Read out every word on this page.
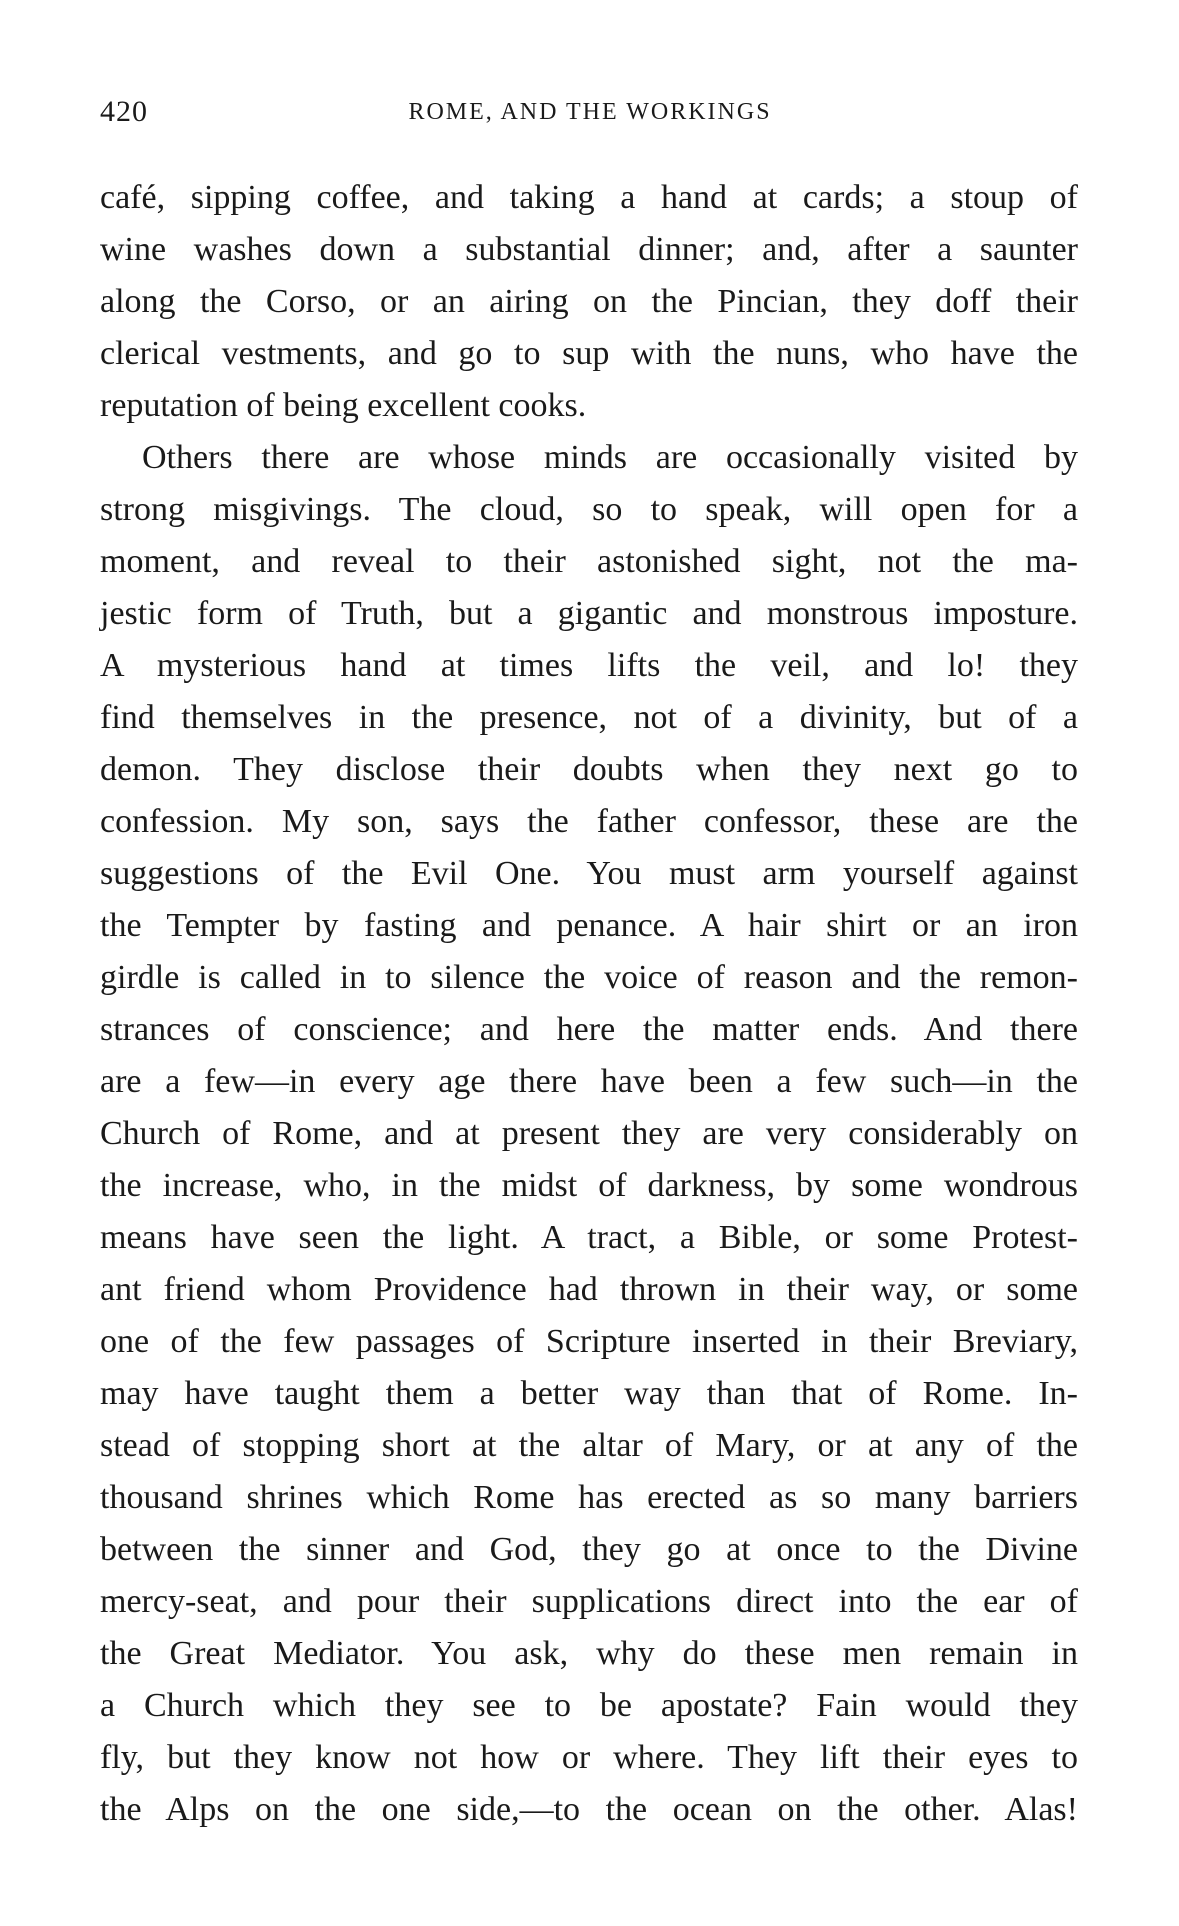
420	ROME, AND THE WORKINGS
café, sipping coffee, and taking a hand at cards; a stoup of
wine washes down a substantial dinner; and, after a saunter
along the Corso, or an airing on the Pincian, they doff their
clerical vestments, and go to sup with the nuns, who have the
reputation of being excellent cooks.
Others there are whose minds are occasionally visited by
strong misgivings. The cloud, so to speak, will open for a
moment, and reveal to their astonished sight, not the ma-
jestic form of Truth, but a gigantic and monstrous imposture.
A mysterious hand at times lifts the veil, and lo! they
find themselves in the presence, not of a divinity, but of a
demon. They disclose their doubts when they next go to
confession. My son, says the father confessor, these are the
suggestions of the Evil One. You must arm yourself against
the Tempter by fasting and penance. A hair shirt or an iron
girdle is called in to silence the voice of reason and the remon-
strances of conscience; and here the matter ends. And there
are a few—in every age there have been a few such—in the
Church of Rome, and at present they are very considerably on
the increase, who, in the midst of darkness, by some wondrous
means have seen the light. A tract, a Bible, or some Protest-
ant friend whom Providence had thrown in their way, or some
one of the few passages of Scripture inserted in their Breviary,
may have taught them a better way than that of Rome. In-
stead of stopping short at the altar of Mary, or at any of the
thousand shrines which Rome has erected as so many barriers
between the sinner and God, they go at once to the Divine
mercy-seat, and pour their supplications direct into the ear of
the Great Mediator. You ask, why do these men remain in
a Church which they see to be apostate? Fain would they
fly, but they know not how or where. They lift their eyes to
the Alps on the one side,—to the ocean on the other. Alas!
